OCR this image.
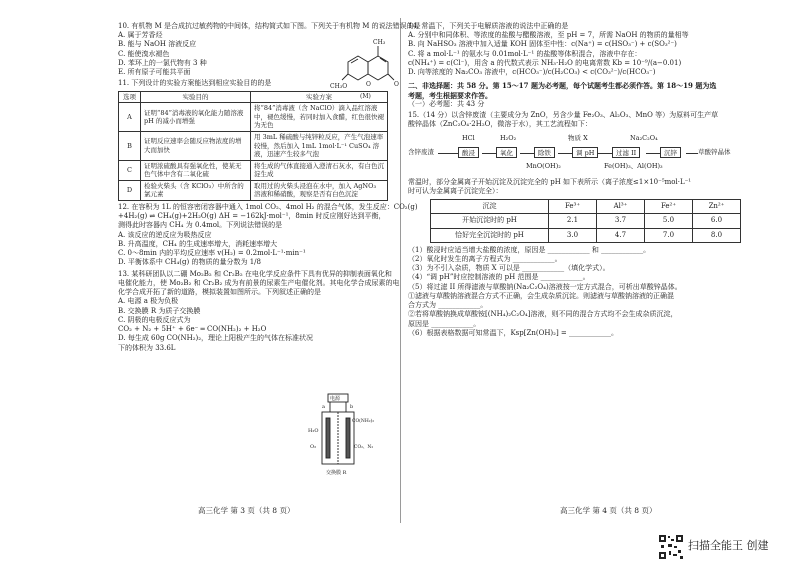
10. 有机物 M 是合成抗过敏药物的中间体，结构简式如下图。下列关于有机物 M 的说法错误的是
A. 属于芳香烃
B. 能与 NaOH 溶液反应
C. 能使溴水褪色
D. 苯环上的一氯代物有 3 种
E. 所有原子可能共平面
CH₃
CH₃O	O	O
(M)
11. 下列设计的实验方案能达到相应实验目的的是
选项	实验目的	实验方案
A	证明“84”消毒液的氧化能力随溶液 pH 的减小而增强	将“84”消毒液（含 NaClO）滴入品红溶液中，褪色缓慢，若同时加入食醋，红色很快褪为无色
B	证明反应速率会随反应物浓度的增大而加快	用 3mL 稀硫酸与纯锌粒反应，产生气泡速率较慢，然后加入 1mL 1mol·L⁻¹ CuSO₄ 溶液，迅速产生较多气泡
C	证明浓硫酸具有强氧化性，使某无色气体中含有二氧化硫	将生成的气体直接通入澄清石灰水，有白色沉淀生成
D	检验火柴头（含 KClO₃）中所含的氯元素	取用过的火柴头浸泡在水中，加入 AgNO₃ 溶液和稀硝酸，观察是否有白色沉淀
12. 在容积为 1L 的恒容密闭容器中通入 1mol CO₂、4mol H₂ 的混合气体，发生反应：CO₂(g)
+4H₂(g) ⇌ CH₄(g)+2H₂O(g) ΔH = −162kJ·mol⁻¹，8min 时反应刚好达到平衡，
测得此时容器内 CH₄ 为 0.4mol。下列说法错误的是
A. 该反应的逆反应为吸热反应
B. 升高温度，CH₄ 的生成速率增大，消耗速率增大
C. 0～8min 内的平均反应速率 v(H₂) = 0.2mol·L⁻¹·min⁻¹
D. 平衡体系中 CH₄(g) 的物质的量分数为 1/8
13. 某科研团队以二硼 Mo₂B₂ 和 Cr₂B₂ 在电化学反应条件下具有优异的抑制表面氧化和
电催化能力，使 Mo₂B₂ 和 Cr₂B₂ 成为有前景的尿素生产电催化剂。其电化学合成尿素的电
化学合成开拓了新的道路，模拟装置如图所示。下列叙述正确的是
A. 电源 a 极为负极
B. 交换膜 R 为质子交换膜
C. 阴极的电极反应式为
CO₂ + N₂ + 5H⁺ + 6e⁻ ═ CO(NH₂)₂ + H₂O
D. 每生成 60g CO(NH₂)₂，理论上阳极产生的气体在标准状况
下的体积为 33.6L
电源
a	b
H₂O
O₂
CO(NH₂)₂
CO₂、N₂
交换膜 R
高三化学 第 3 页（共 8 页）
14. 常温下，下列关于电解质溶液的说法中正确的是
A. 分别中和同体积、等浓度的盐酸与醋酸溶液，至 pH = 7，所需 NaOH 的物质的量相等
B. 向 NaHSO₃ 溶液中加入适量 KOH 固体至中性：c(Na⁺) = c(HSO₃⁻) + c(SO₃²⁻)
C. 将 a mol·L⁻¹ 的氨水与 0.01mol·L⁻¹ 的盐酸等体积混合，溶液中存在：
c(NH₄⁺) = c(Cl⁻)，用含 a 的代数式表示 NH₃·H₂O 的电离常数 Kb = 10⁻⁹/(a−0.01)
D. 向等浓度的 Na₂CO₃ 溶液中，c(HCO₃⁻)/c(H₂CO₃) < c(CO₃²⁻)/c(HCO₃⁻)
二、非选择题：共 58 分。第 15～17 题为必考题，每个试题考生都必须作答。第 18～19 题为选
考题，考生根据要求作答。
（一）必考题：共 43 分
15.（14 分）以含锌废渣（主要成分为 ZnO，另含少量 Fe₂O₃、Al₂O₃、MnO 等）为原料可生产草
酸锌晶体（ZnC₂O₄·2H₂O，微溶于水），其工艺流程如下：
含锌废渣	酸浸	氧化	除铁	调 pH	过滤 II	沉锌	草酸锌晶体
HCl	H₂O₂	物质 X	Na₂C₂O₄
MnO(OH)₂	Fe(OH)₃、Al(OH)₃
常温时，部分金属离子开始沉淀及沉淀完全的 pH 如下表所示（离子浓度≤1×10⁻⁵mol·L⁻¹
时可认为金属离子沉淀完全）：
沉淀	Fe³⁺	Al³⁺	Fe²⁺	Zn²⁺
开始沉淀时的 pH	2.1	3.7	5.0	6.0
恰好完全沉淀时的 pH	3.0	4.7	7.0	8.0
（1）酸浸时应适当增大盐酸的浓度，原因是 ____________ 和 ____________。
（2）氧化时发生的离子方程式为 ____________。
（3）为不引入杂质，物质 X 可以是 ____________（填化学式）。
（4）“调 pH”时应控制溶液的 pH 范围是 ____________。
（5）将过滤 II 所得滤液与草酸钠(Na₂C₂O₄)溶液按一定方式混合，可析出草酸锌晶体。
①滤液与草酸钠溶液混合方式不正确，会生成杂质沉淀。则滤液与草酸钠溶液的正确混
合方式为 ____________。
②若将草酸钠换成草酸铵[(NH₄)₂C₂O₄]溶液，则不同的混合方式均不会生成杂质沉淀，
原因是 ____________。
（6）根据表格数据可知常温下，Ksp[Zn(OH)₂] = ____________。
高三化学 第 4 页（共 8 页）
扫描全能王 创建
